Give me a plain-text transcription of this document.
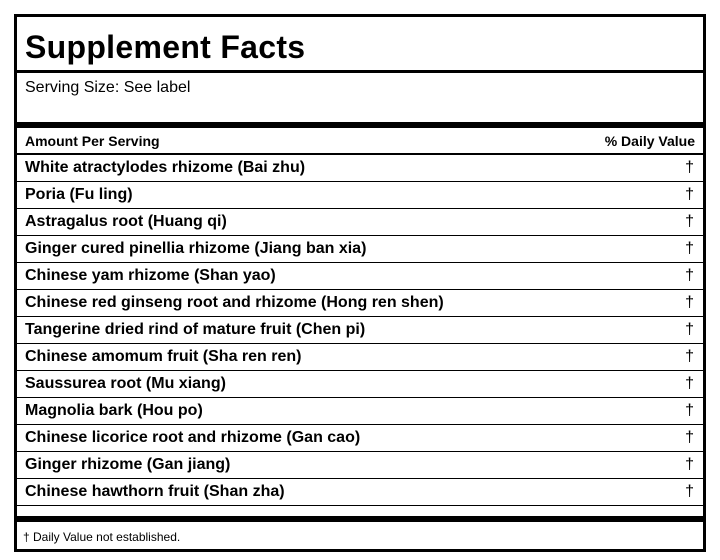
Supplement Facts
Serving Size: See label
Amount Per Serving	% Daily Value
White atractylodes rhizome (Bai zhu)	†
Poria (Fu ling)	†
Astragalus root (Huang qi)	†
Ginger cured pinellia rhizome (Jiang ban xia)	†
Chinese yam rhizome (Shan yao)	†
Chinese red ginseng root and rhizome (Hong ren shen)	†
Tangerine dried rind of mature fruit (Chen pi)	†
Chinese amomum fruit (Sha ren ren)	†
Saussurea root (Mu xiang)	†
Magnolia bark (Hou po)	†
Chinese licorice root and rhizome (Gan cao)	†
Ginger rhizome (Gan jiang)	†
Chinese hawthorn fruit (Shan zha)	†
† Daily Value not established.
